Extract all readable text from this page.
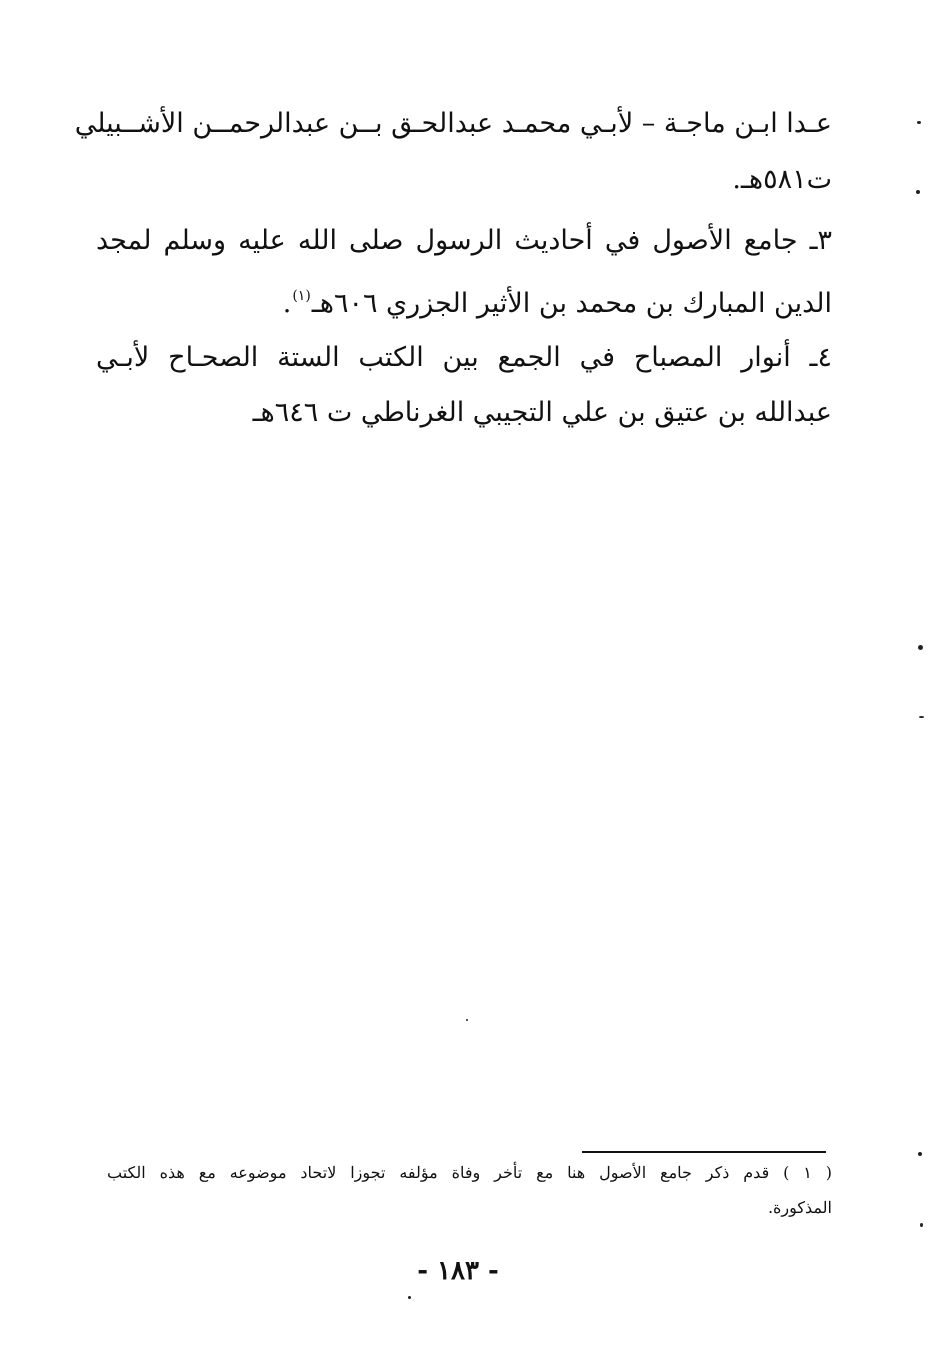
عـدا ابـن ماجـة – لأبـي محمـد عبدالحـق بــن عبدالرحمــن الأشــبيلي
ت٥٨١هـ.
٣ـ جامع الأصول في أحاديث الرسول صلى الله عليه وسلم لمجد
الدين المبارك بن محمد بن الأثير الجزري ٦٠٦هـ$^{(١)}$.
٤ـ أنوار المصباح في الجمع بين الكتب الستة الصحـاح لأبـي
عبدالله بن عتيق بن علي التجيبي الغرناطي ت ٦٤٦هـ
( ١ ) قدم ذكر جامع الأصول هنا مع تأخر وفاة مؤلفه تجوزا لاتحاد موضوعه مع هذه الكتب
المذكورة.
- ١٨٣ -
